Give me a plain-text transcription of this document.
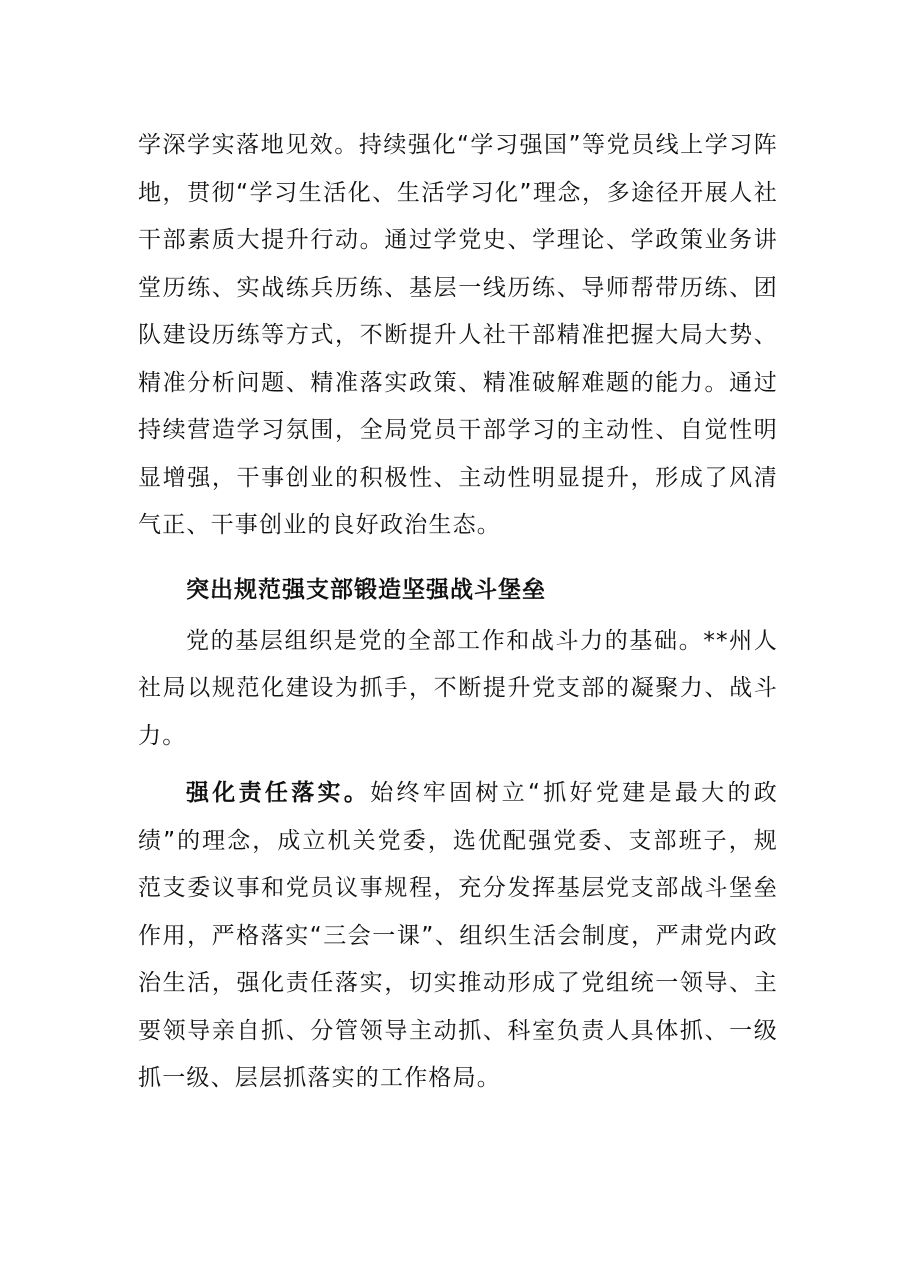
学深学实落地见效。持续强化“学习强国”等党员线上学习阵地，贯彻“学习生活化、生活学习化”理念，多途径开展人社干部素质大提升行动。通过学党史、学理论、学政策业务讲堂历练、实战练兵历练、基层一线历练、导师帮带历练、团队建设历练等方式，不断提升人社干部精准把握大局大势、精准分析问题、精准落实政策、精准破解难题的能力。通过持续营造学习氛围，全局党员干部学习的主动性、自觉性明显增强，干事创业的积极性、主动性明显提升，形成了风清气正、干事创业的良好政治生态。

突出规范强支部锻造坚强战斗堡垒

党的基层组织是党的全部工作和战斗力的基础。**州人社局以规范化建设为抓手，不断提升党支部的凝聚力、战斗力。

强化责任落实。始终牢固树立“抓好党建是最大的政绩”的理念，成立机关党委，选优配强党委、支部班子，规范支委议事和党员议事规程，充分发挥基层党支部战斗堡垒作用，严格落实“三会一课”、组织生活会制度，严肃党内政治生活，强化责任落实，切实推动形成了党组统一领导、主要领导亲自抓、分管领导主动抓、科室负责人具体抓、一级抓一级、层层抓落实的工作格局。
